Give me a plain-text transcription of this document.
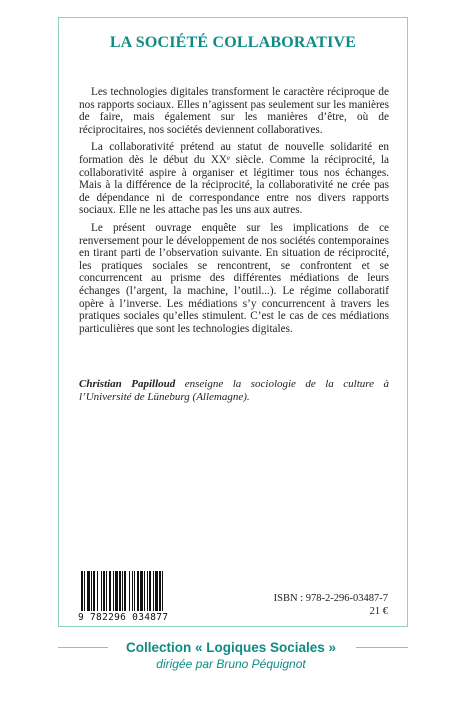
LA SOCIÉTÉ COLLABORATIVE

Les technologies digitales transforment le caractère réciproque de nos rapports sociaux. Elles n’agissent pas seulement sur les manières de faire, mais également sur les manières d’être, où de réciprocitaires, nos sociétés deviennent collaboratives.

La collaborativité prétend au statut de nouvelle solidarité en formation dès le début du XXᵉ siècle. Comme la réciprocité, la collaborativité aspire à organiser et légitimer tous nos échanges. Mais à la différence de la réciprocité, la collaborativité ne crée pas de dépendance ni de correspondance entre nos divers rapports sociaux. Elle ne les attache pas les uns aux autres.

Le présent ouvrage enquête sur les implications de ce renversement pour le développement de nos sociétés contemporaines en tirant parti de l’observation suivante. En situation de réciprocité, les pratiques sociales se rencontrent, se confrontent et se concurrencent au prisme des différentes médiations de leurs échanges (l’argent, la machine, l’outil...). Le régime collaboratif opère à l’inverse. Les médiations s’y concurrencent à travers les pratiques sociales qu’elles stimulent. C’est le cas de ces médiations particulières que sont les technologies digitales.

Christian Papilloud enseigne la sociologie de la culture à l’Université de Lüneburg (Allemagne).
9 782296 034877
ISBN : 978-2-296-03487-7
21 €
Collection « Logiques Sociales »
dirigée par Bruno Péquignot
